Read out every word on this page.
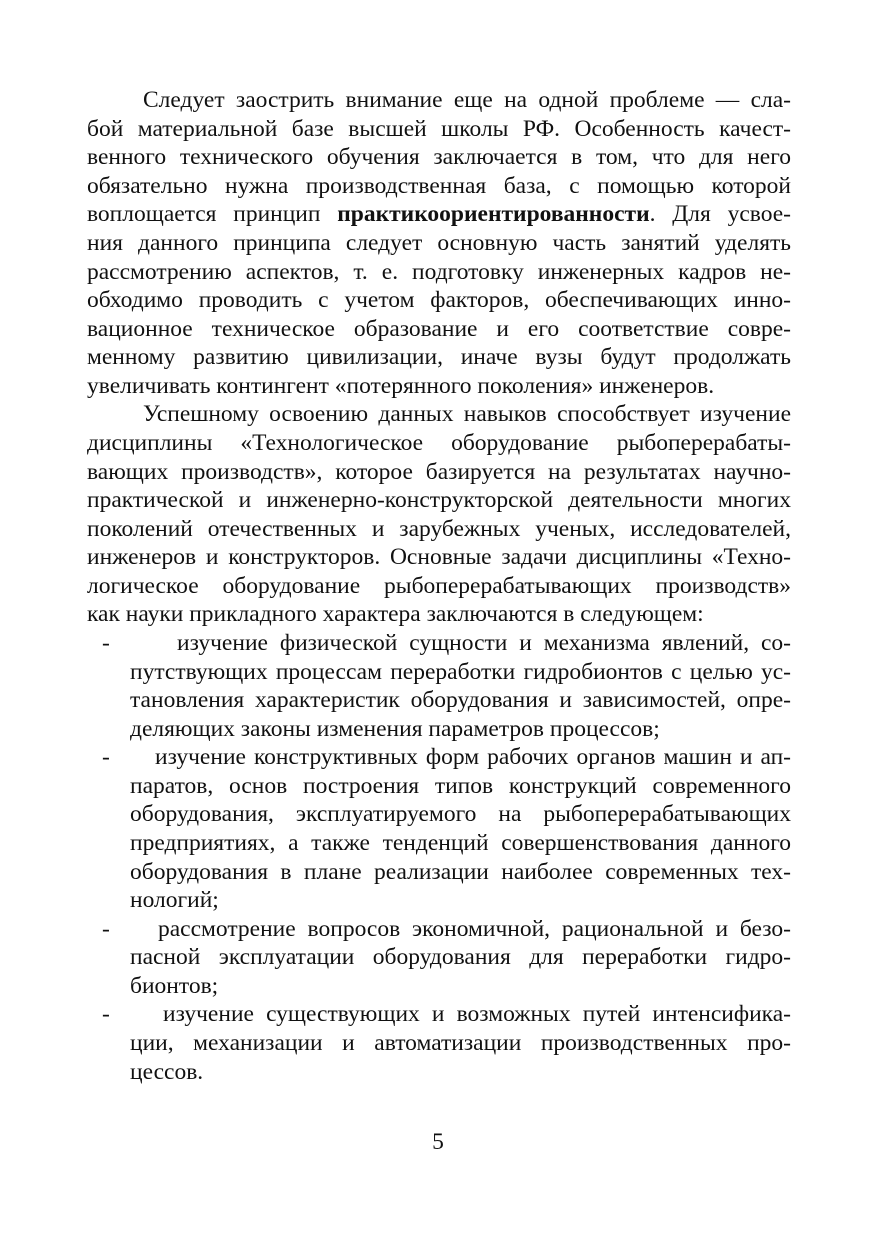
Следует заострить внимание еще на одной проблеме — сла-
бой материальной базе высшей школы РФ. Особенность качест-
венного технического обучения заключается в том, что для него
обязательно нужна производственная база, с помощью которой
воплощается принцип практикоориентированности. Для усвое-
ния данного принципа следует основную часть занятий уделять
рассмотрению аспектов, т. е. подготовку инженерных кадров не-
обходимо проводить с учетом факторов, обеспечивающих инно-
вационное техническое образование и его соответствие совре-
менному развитию цивилизации, иначе вузы будут продолжать
увеличивать контингент «потерянного поколения» инженеров.
Успешному освоению данных навыков способствует изучение
дисциплины «Технологическое оборудование рыбоперерабаты-
вающих производств», которое базируется на результатах научно-
практической и инженерно-конструкторской деятельности многих
поколений отечественных и зарубежных ученых, исследователей,
инженеров и конструкторов. Основные задачи дисциплины «Техно-
логическое оборудование рыбоперерабатывающих производств»
как науки прикладного характера заключаются в следующем:
-	изучение физической сущности и механизма явлений, со-
путствующих процессам переработки гидробионтов с целью ус-
тановления характеристик оборудования и зависимостей, опре-
деляющих законы изменения параметров процессов;
- изучение конструктивных форм рабочих органов машин и ап-
паратов, основ построения типов конструкций современного
оборудования, эксплуатируемого на рыбоперерабатывающих
предприятиях, а также тенденций совершенствования данного
оборудования в плане реализации наиболее современных тех-
нологий;
- рассмотрение вопросов экономичной, рациональной и безо-
пасной эксплуатации оборудования для переработки гидро-
бионтов;
- изучение существующих и возможных путей интенсифика-
ции, механизации и автоматизации производственных про-
цессов.
5
